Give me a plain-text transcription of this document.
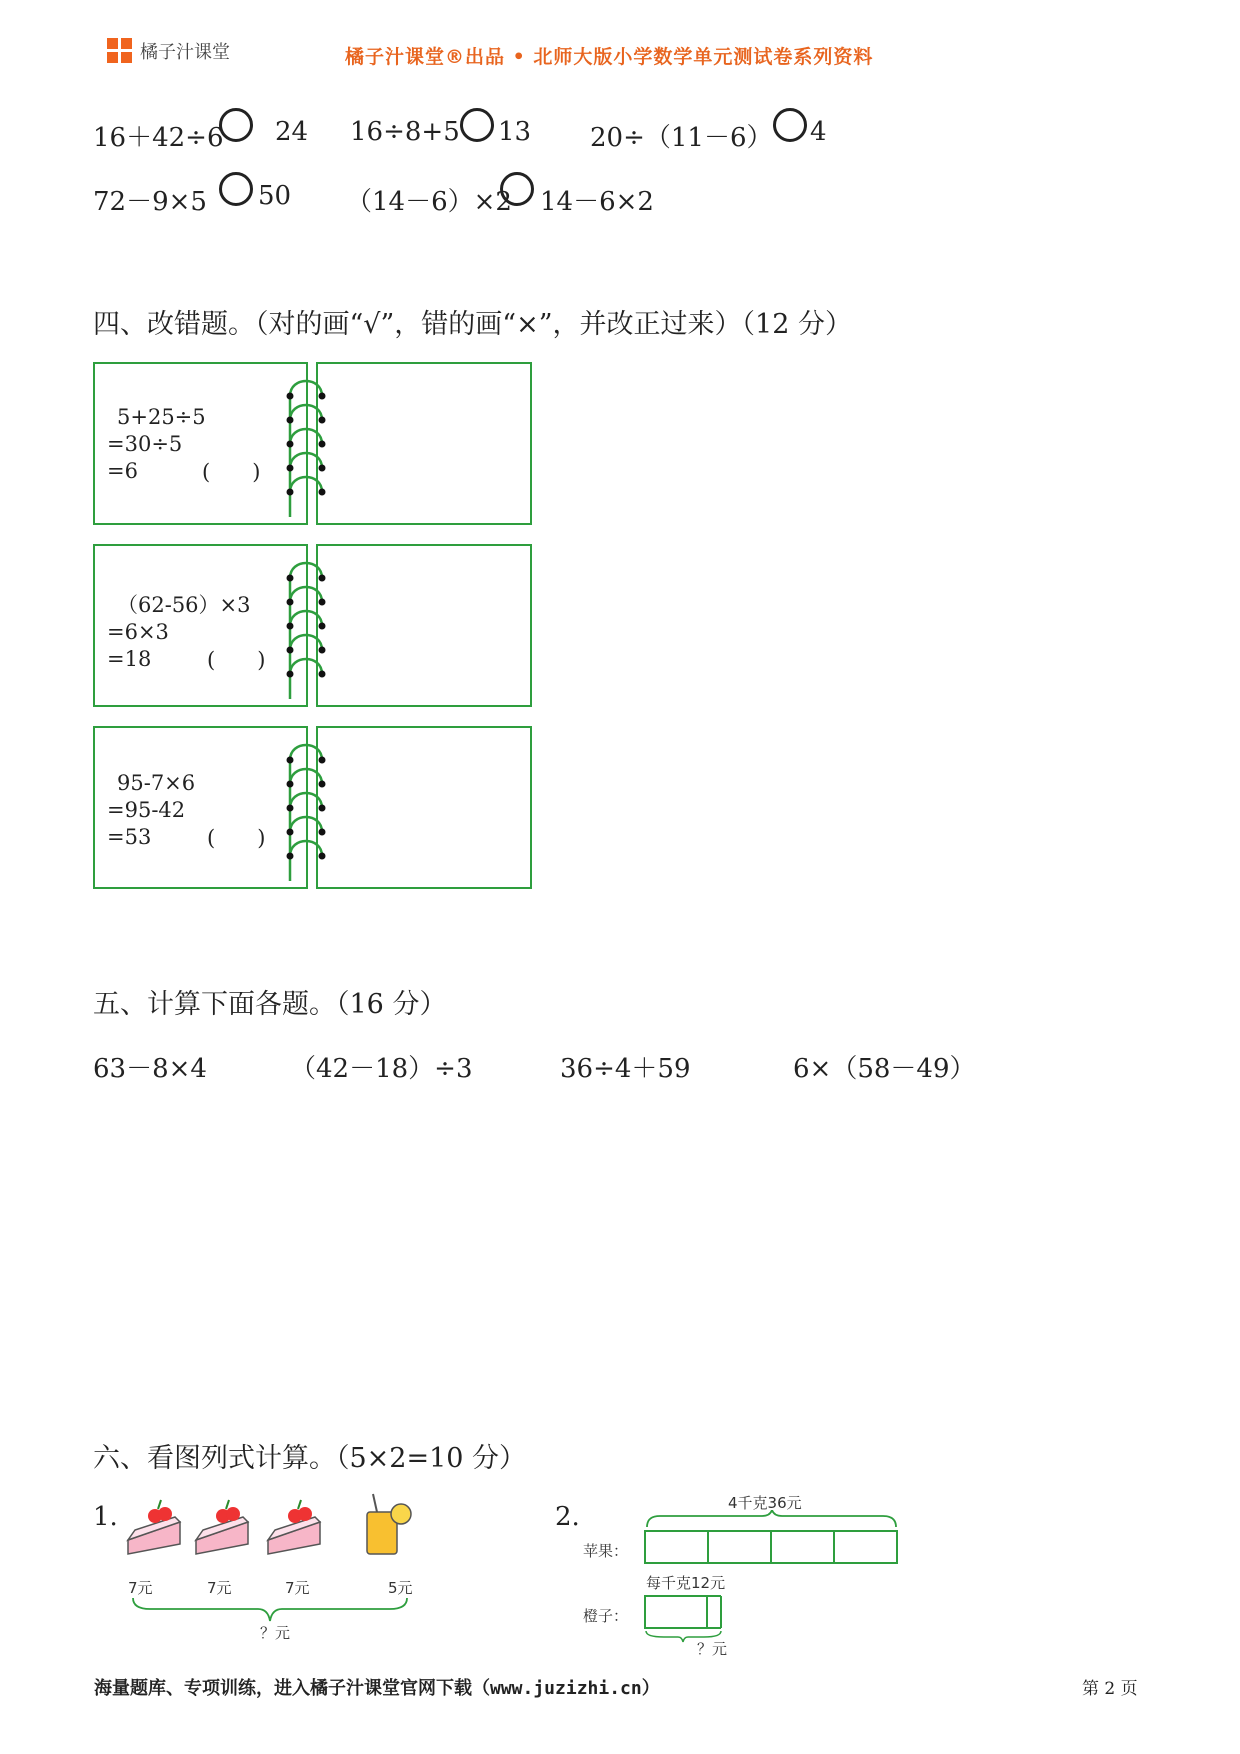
橘子汁课堂	橘子汁课堂®出品 • 北师大版小学数学单元测试卷系列资料
16＋42÷6 24 16÷8+5 13 20÷（11－6） 4
72－9×5 50 （14－6）×2 14－6×2
四、改错题。（对的画“√”，错的画“×”，并改正过来）（12 分）
5+25÷5
=30÷5
=6	(　　)
（62-56）×3
=6×3
=18	(　　)
95-7×6
=95-42
=53	(　　)
五、计算下面各题。（16 分）
63－8×4	（42－18）÷3	36÷4＋59	6×（58－49）
六、看图列式计算。（5×2=10 分）
1.
7元	7元	7元	5元
？元
2.	4千克36元
苹果：
每千克12元
橙子：
？元
海量题库、专项训练，进入橘子汁课堂官网下载（www.juzizhi.cn）	第 2 页
